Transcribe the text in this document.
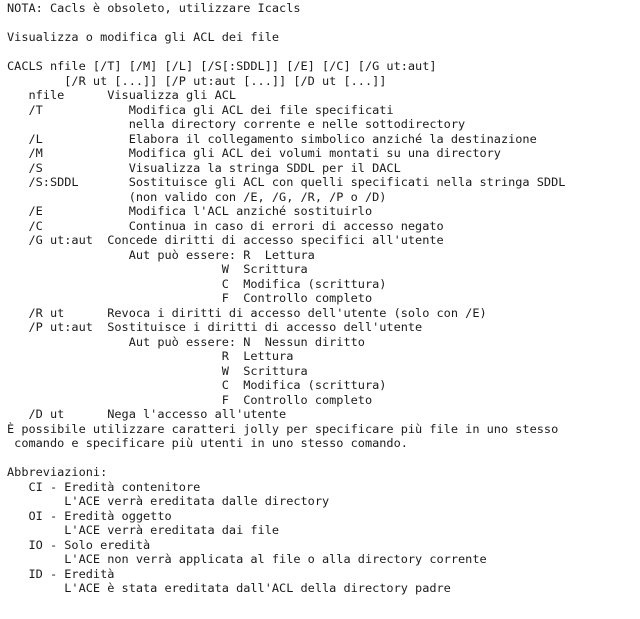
NOTA: Cacls è obsoleto, utilizzare Icacls
Visualizza o modifica gli ACL dei file
CACLS nfile [/T] [/M] [/L] [/S[:SDDL]] [/E] [/C] [/G ut:aut]
[/R ut [...]] [/P ut:aut [...]] [/D ut [...]]
nfile      Visualizza gli ACL
/T            Modifica gli ACL dei file specificati
nella directory corrente e nelle sottodirectory
/L            Elabora il collegamento simbolico anziché la destinazione
/M            Modifica gli ACL dei volumi montati su una directory
/S            Visualizza la stringa SDDL per il DACL
/S:SDDL       Sostituisce gli ACL con quelli specificati nella stringa SDDL
(non valido con /E, /G, /R, /P o /D)
/E            Modifica l'ACL anziché sostituirlo
/C            Continua in caso di errori di accesso negato
/G ut:aut  Concede diritti di accesso specifici all'utente
Aut può essere: R  Lettura
W  Scrittura
C  Modifica (scrittura)
F  Controllo completo
/R ut      Revoca i diritti di accesso dell'utente (solo con /E)
/P ut:aut  Sostituisce i diritti di accesso dell'utente
Aut può essere: N  Nessun diritto
R  Lettura
W  Scrittura
C  Modifica (scrittura)
F  Controllo completo
/D ut      Nega l'accesso all'utente
È possibile utilizzare caratteri jolly per specificare più file in uno stesso
comando e specificare più utenti in uno stesso comando.
Abbreviazioni:
CI - Eredità contenitore
L'ACE verrà ereditata dalle directory
OI - Eredità oggetto
L'ACE verrà ereditata dai file
IO - Solo eredità
L'ACE non verrà applicata al file o alla directory corrente
ID - Eredità
L'ACE è stata ereditata dall'ACL della directory padre
